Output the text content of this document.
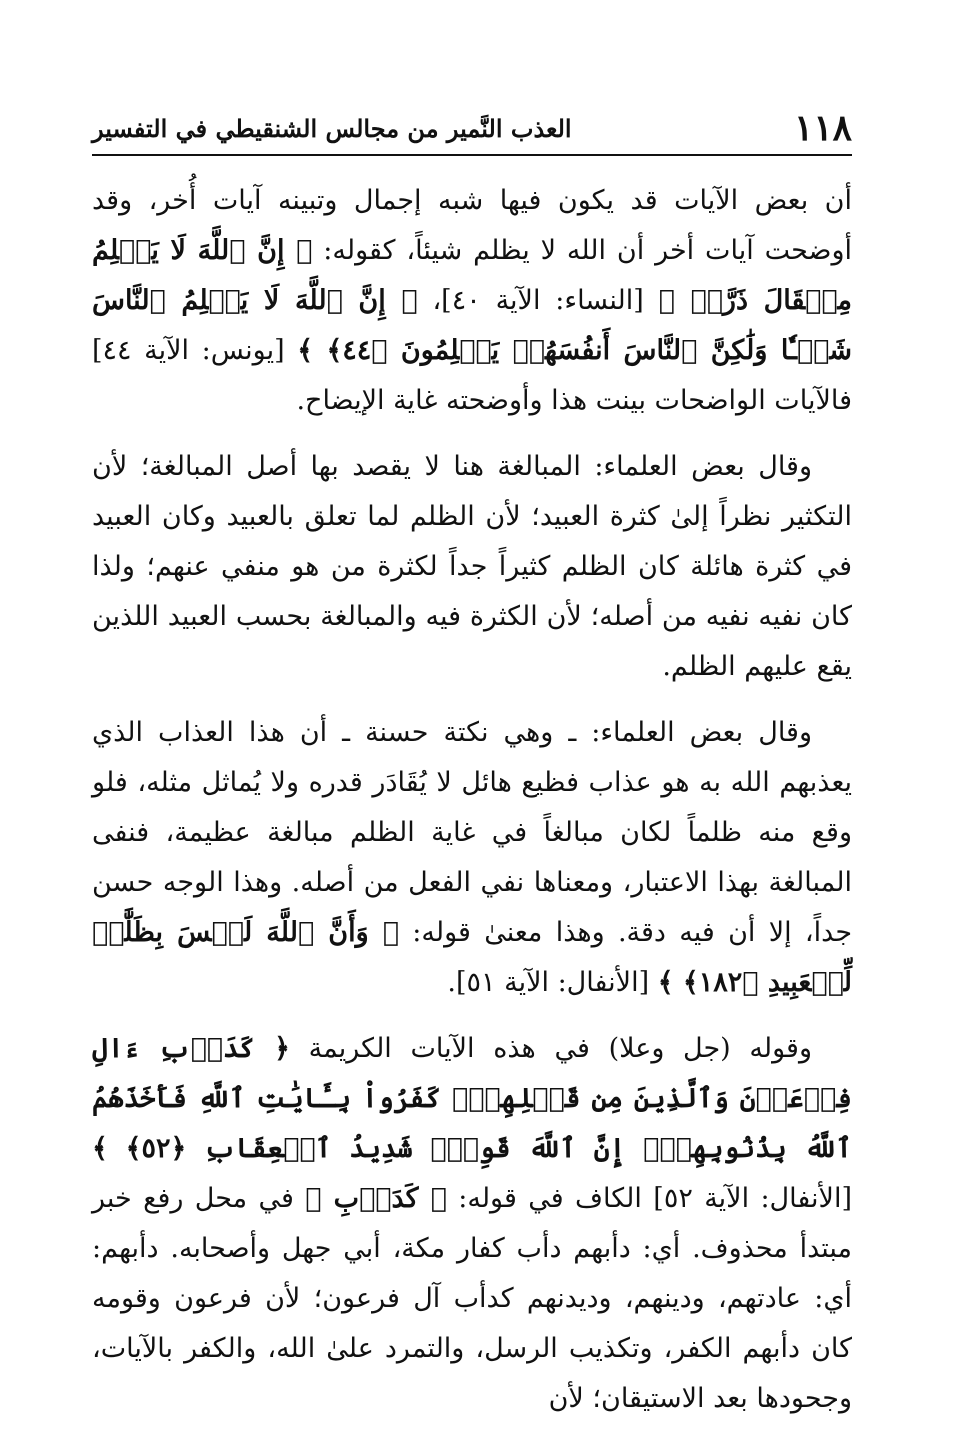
١١٨
العذب النَّمير من مجالس الشنقيطي في التفسير

أن بعض الآيات قد يكون فيها شبه إجمال وتبينه آيات أُخر، وقد أوضحت آيات أخر أن الله لا يظلم شيئاً، كقوله: ﴿ إِنَّ ٱللَّهَ لَا يَظۡلِمُ مِثۡقَالَ ذَرَّةٖ ﴾ [النساء: الآية ٤٠]، ﴿ إِنَّ ٱللَّهَ لَا يَظۡلِمُ ٱلنَّاسَ شَيۡـٔٗا وَلَٰكِنَّ ٱلنَّاسَ أَنفُسَهُمۡ يَظۡلِمُونَ ﴿٤٤﴾ ﴾ [يونس: الآية ٤٤] فالآيات الواضحات بينت هذا وأوضحته غاية الإيضاح.

وقال بعض العلماء: المبالغة هنا لا يقصد بها أصل المبالغة؛ لأن التكثير نظراً إلىٰ كثرة العبيد؛ لأن الظلم لما تعلق بالعبيد وكان العبيد في كثرة هائلة كان الظلم كثيراً جداً لكثرة من هو منفي عنهم؛ ولذا كان نفيه نفيه من أصله؛ لأن الكثرة فيه والمبالغة بحسب العبيد اللذين يقع عليهم الظلم.

وقال بعض العلماء: ـ وهي نكتة حسنة ـ أن هذا العذاب الذي يعذبهم الله به هو عذاب فظيع هائل لا يُقَادَر قدره ولا يُماثل مثله، فلو وقع منه ظلماً لكان مبالغاً في غاية الظلم مبالغة عظيمة، فنفى المبالغة بهذا الاعتبار، ومعناها نفي الفعل من أصله. وهذا الوجه حسن جداً، إلا أن فيه دقة. وهذا معنىٰ قوله: ﴿ وَأَنَّ ٱللَّهَ لَيۡسَ بِظَلَّٰمٖ لِّلۡعَبِيدِ ﴿١٨٢﴾ ﴾ [الأنفال: الآية ٥١].

وقوله (جل وعلا) في هذه الآيات الكريمة ﴿ كَدَأۡبِ ءَالِ فِرۡعَوۡنَ وَٱلَّذِينَ مِن قَبۡلِهِمۡۚ كَفَرُواْ بِـَٔايَٰتِ ٱللَّهِ فَأَخَذَهُمُ ٱللَّهُ بِذُنُوبِهِمۡۚ إِنَّ ٱللَّهَ قَوِيّٞ شَدِيدُ ٱلۡعِقَابِ ﴿٥٢﴾ ﴾ [الأنفال: الآية ٥٢] الكاف في قوله: ﴿ كَدَأۡبِ ﴾ في محل رفع خبر مبتدأ محذوف. أي: دأبهم دأب كفار مكة، أبي جهل وأصحابه. دأبهم: أي: عادتهم، ودينهم، وديدنهم كدأب آل فرعون؛ لأن فرعون وقومه كان دأبهم الكفر، وتكذيب الرسل، والتمرد علىٰ الله، والكفر بالآيات، وجحودها بعد الاستيقان؛ لأن
